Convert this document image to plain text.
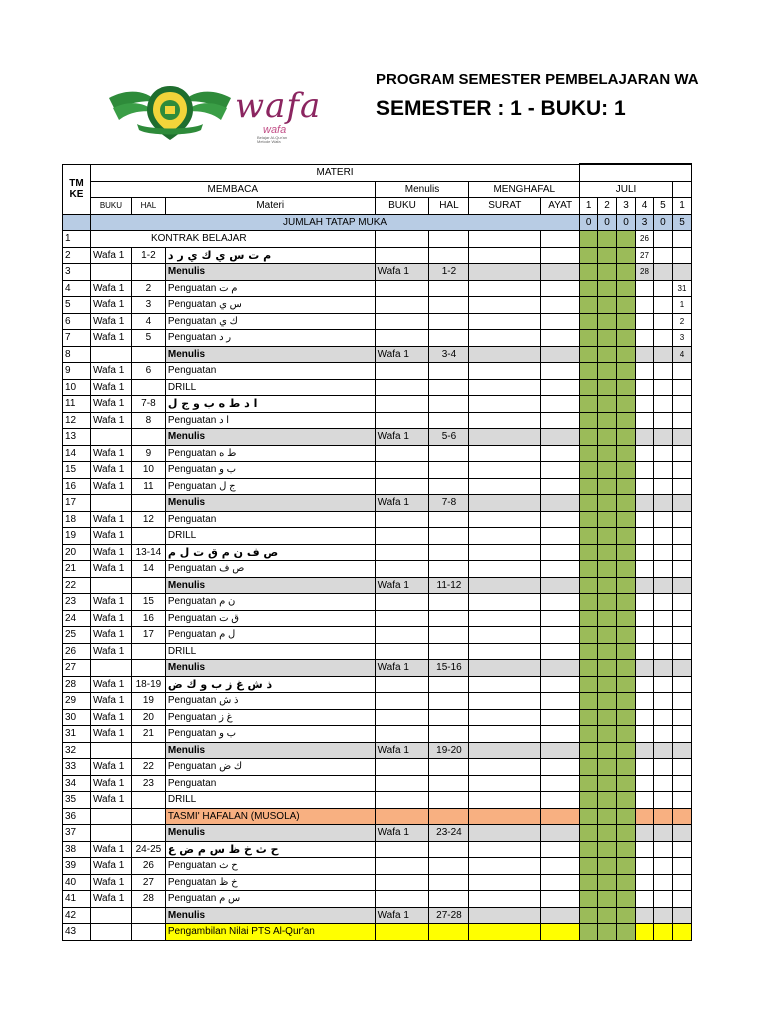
wafa
wafa
Belajar Al-Qur'an Metode Wafa
PROGRAM SEMESTER PEMBELAJARAN WA
SEMESTER : 1 - BUKU: 1
TM
KE	MATERI												
	MEMBACA			Menulis		MENGHAFAL		JULI					
	BUKU	HAL	Materi	BUKU	HAL	SURAT	AYAT	1	2	3	4	5	1
	JUMLAH TATAP MUKA							0	0	0	3	0	5
1	KONTRAK BELAJAR										26		
2	Wafa 1	1-2	م ت س ي ك ي ر د								27		
3			Menulis	Wafa 1	1-2						28		
4	Wafa 1	2	Penguatan م ت										31
5	Wafa 1	3	Penguatan س ي										1
6	Wafa 1	4	Penguatan ك ي										2
7	Wafa 1	5	Penguatan ر د										3
8			Menulis	Wafa 1	3-4								4
9	Wafa 1	6	Penguatan										
10	Wafa 1		DRILL										
11	Wafa 1	7-8	ا د ط ه ب و ج ل										
12	Wafa 1	8	Penguatan ا د										
13			Menulis	Wafa 1	5-6								
14	Wafa 1	9	Penguatan ط ه										
15	Wafa 1	10	Penguatan ب و										
16	Wafa 1	11	Penguatan ج ل										
17			Menulis	Wafa 1	7-8								
18	Wafa 1	12	Penguatan										
19	Wafa 1		DRILL										
20	Wafa 1	13-14	ص ف ن م ق ت ل م										
21	Wafa 1	14	Penguatan ص ف										
22			Menulis	Wafa 1	11-12								
23	Wafa 1	15	Penguatan ن م										
24	Wafa 1	16	Penguatan ق ت										
25	Wafa 1	17	Penguatan ل م										
26	Wafa 1		DRILL										
27			Menulis	Wafa 1	15-16								
28	Wafa 1	18-19	ذ ش غ ز ب و ك ض										
29	Wafa 1	19	Penguatan ذ ش										
30	Wafa 1	20	Penguatan غ ز										
31	Wafa 1	21	Penguatan ب و										
32			Menulis	Wafa 1	19-20								
33	Wafa 1	22	Penguatan ك ض										
34	Wafa 1	23	Penguatan										
35	Wafa 1		DRILL										
36			TASMI' HAFALAN (MUSOLA)										
37			Menulis	Wafa 1	23-24								
38	Wafa 1	24-25	ح ث خ ظ س م ض ع										
39	Wafa 1	26	Penguatan ح ث										
40	Wafa 1	27	Penguatan خ ظ										
41	Wafa 1	28	Penguatan س م										
42			Menulis	Wafa 1	27-28								
43			Pengambilan Nilai PTS Al-Qur'an										
